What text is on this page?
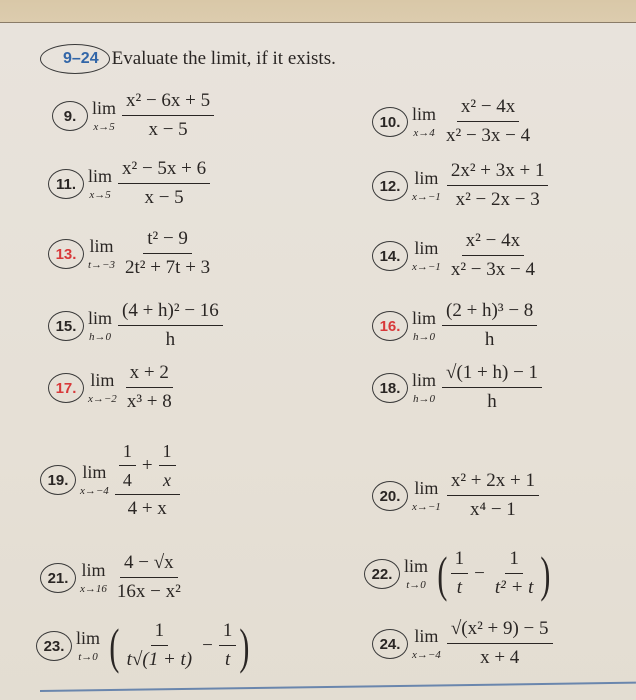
9–24 Evaluate the limit, if it exists.
9. lim
$x\to 5 \frac{\text{x² − 6x + 5}}{x - 5}$	10. lim
$x\to 4 \frac{\text{x² − 4x}}{\text{x² − 3x − 4}}$
11. lim
$x\to 5 \frac{\text{x² − 5x + 6}}{x - 5}$	12. lim
$x\to-1 \frac{\text{2x² + 3x + 1}}{\text{x² − 2x − 3}}$
13. lim
$t\to-3 \frac{\text{t² − 9}}{\text{2t² + 7t + 3}}$	14. lim
$x\to-1 \frac{\text{x² − 4x}}{\text{x² − 3x − 4}}$
15. lim
$h\to 0 \frac{\text{(4 + h)² − 16}}{h}$	16. lim
$h\to 0 \frac{\text{(2 + h)³ − 8}}{h}$
17. lim
$x\to-2 \frac{x + 2}{\text{x³ + 8}}$	18. lim
$h\to 0 \frac{√(1 + h) - 1}{h}$
19. lim
$x\to-4 \frac{\frac{1}{4} + \frac{1}{x}}{4 + x}$	20. lim
$x\to-1 \frac{\text{x² + 2x + 1}}{\text{x⁴ − 1}}$
21. lim
$x\to 16 \frac{4 - √x}{\text{16x − x²}}$	22. lim
t→0 ( $\frac{1}{t} - \frac{1}{\text{t² + t}}$ )
23. lim
t→0 ( $\frac{1}{t√(1 + t)} - \frac{1}{t}$ )	24. lim
$x\to-4 \frac{\text{√(x² + 9) − 5}}{x + 4}$
